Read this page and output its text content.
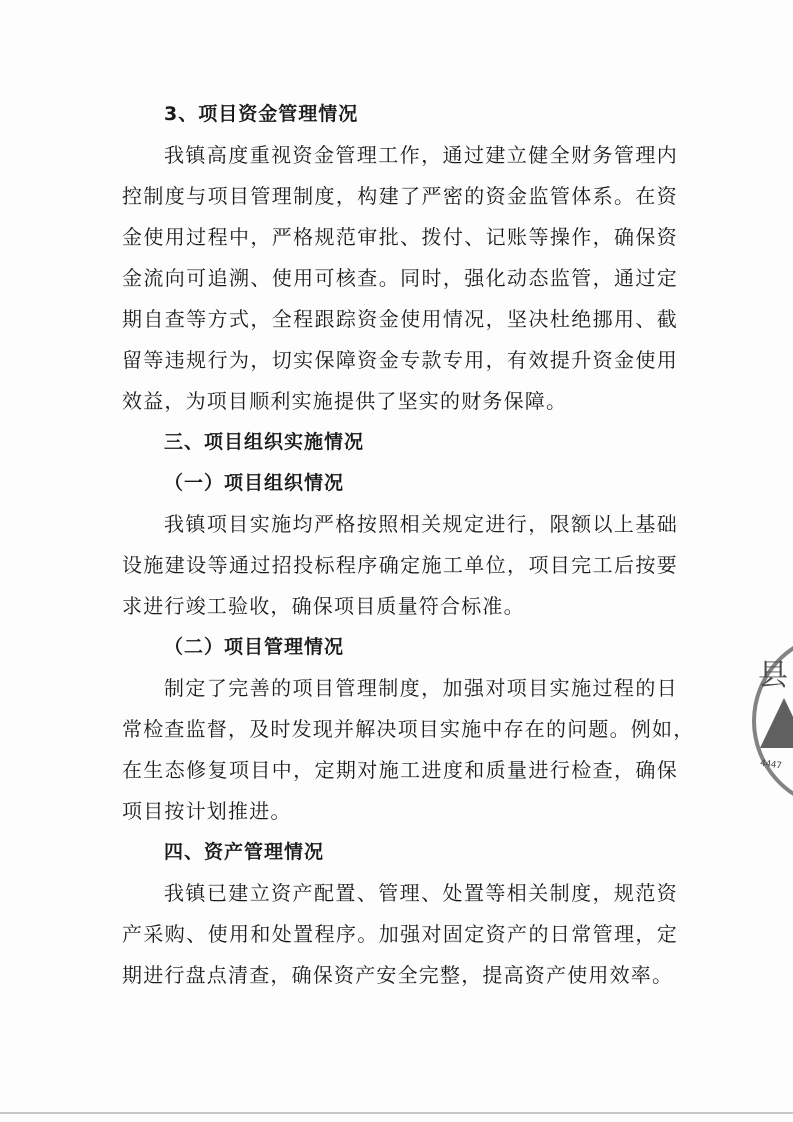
3、项目资金管理情况
我镇高度重视资金管理工作，通过建立健全财务管理内
控制度与项目管理制度，构建了严密的资金监管体系。在资
金使用过程中，严格规范审批、拨付、记账等操作，确保资
金流向可追溯、使用可核查。同时，强化动态监管，通过定
期自查等方式，全程跟踪资金使用情况，坚决杜绝挪用、截
留等违规行为，切实保障资金专款专用，有效提升资金使用
效益，为项目顺利实施提供了坚实的财务保障。
三、项目组织实施情况
（一）项目组织情况
我镇项目实施均严格按照相关规定进行，限额以上基础
设施建设等通过招投标程序确定施工单位，项目完工后按要
求进行竣工验收，确保项目质量符合标准。
（二）项目管理情况
制定了完善的项目管理制度，加强对项目实施过程的日
常检查监督，及时发现并解决项目实施中存在的问题。例如，
在生态修复项目中，定期对施工进度和质量进行检查，确保
项目按计划推进。
四、资产管理情况
我镇已建立资产配置、管理、处置等相关制度，规范资
产采购、使用和处置程序。加强对固定资产的日常管理，定
期进行盘点清查，确保资产安全完整，提高资产使用效率。
县
4447
